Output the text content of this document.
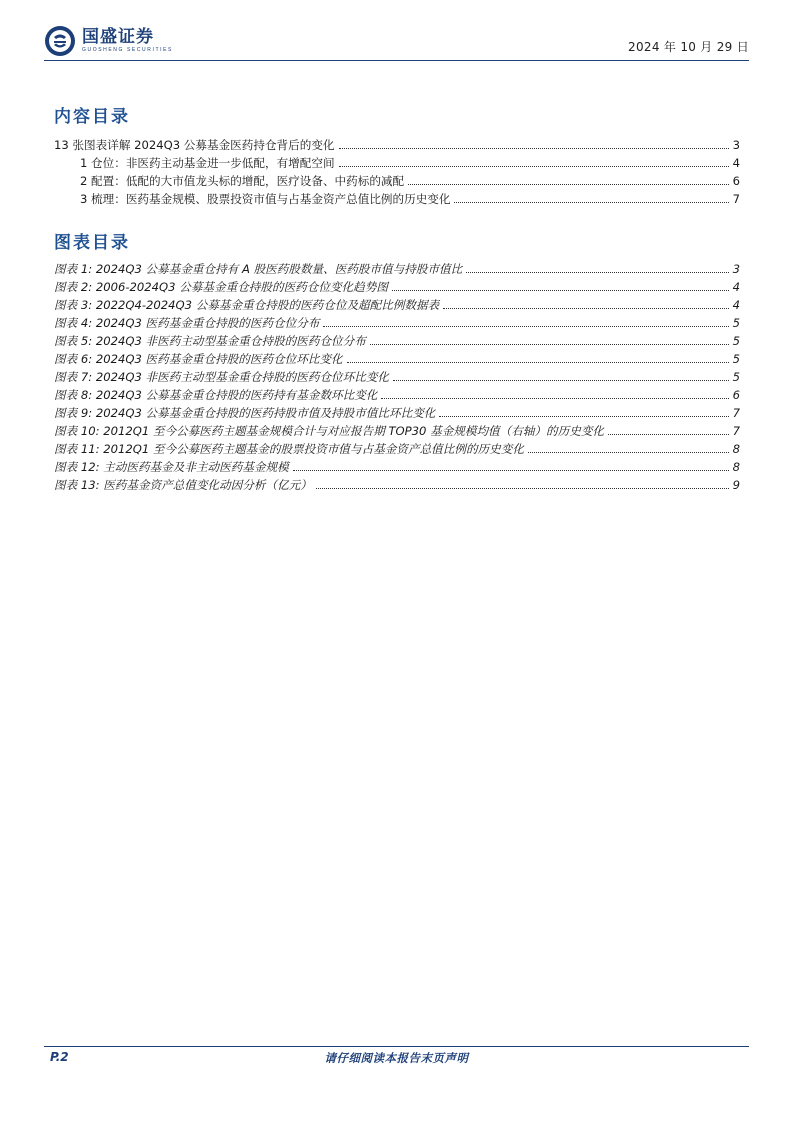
国盛证券
GUOSHENG SECURITIES	2024 年 10 月 29 日
内容目录
13 张图表详解 2024Q3 公募基金医药持仓背后的变化	3
1 仓位：非医药主动基金进一步低配，有增配空间	4
2 配置：低配的大市值龙头标的增配，医疗设备、中药标的减配	6
3 梳理：医药基金规模、股票投资市值与占基金资产总值比例的历史变化	7
图表目录
图表 1: 2024Q3 公募基金重仓持有 A 股医药股数量、医药股市值与持股市值比	3
图表 2: 2006-2024Q3 公募基金重仓持股的医药仓位变化趋势图	4
图表 3: 2022Q4-2024Q3 公募基金重仓持股的医药仓位及超配比例数据表	4
图表 4: 2024Q3 医药基金重仓持股的医药仓位分布	5
图表 5: 2024Q3 非医药主动型基金重仓持股的医药仓位分布	5
图表 6: 2024Q3 医药基金重仓持股的医药仓位环比变化	5
图表 7: 2024Q3 非医药主动型基金重仓持股的医药仓位环比变化	5
图表 8: 2024Q3 公募基金重仓持股的医药持有基金数环比变化	6
图表 9: 2024Q3 公募基金重仓持股的医药持股市值及持股市值比环比变化	7
图表 10: 2012Q1 至今公募医药主题基金规模合计与对应报告期 TOP30 基金规模均值（右轴）的历史变化	7
图表 11: 2012Q1 至今公募医药主题基金的股票投资市值与占基金资产总值比例的历史变化	8
图表 12: 主动医药基金及非主动医药基金规模	8
图表 13: 医药基金资产总值变化动因分析（亿元）	9
P.2	请仔细阅读本报告末页声明
